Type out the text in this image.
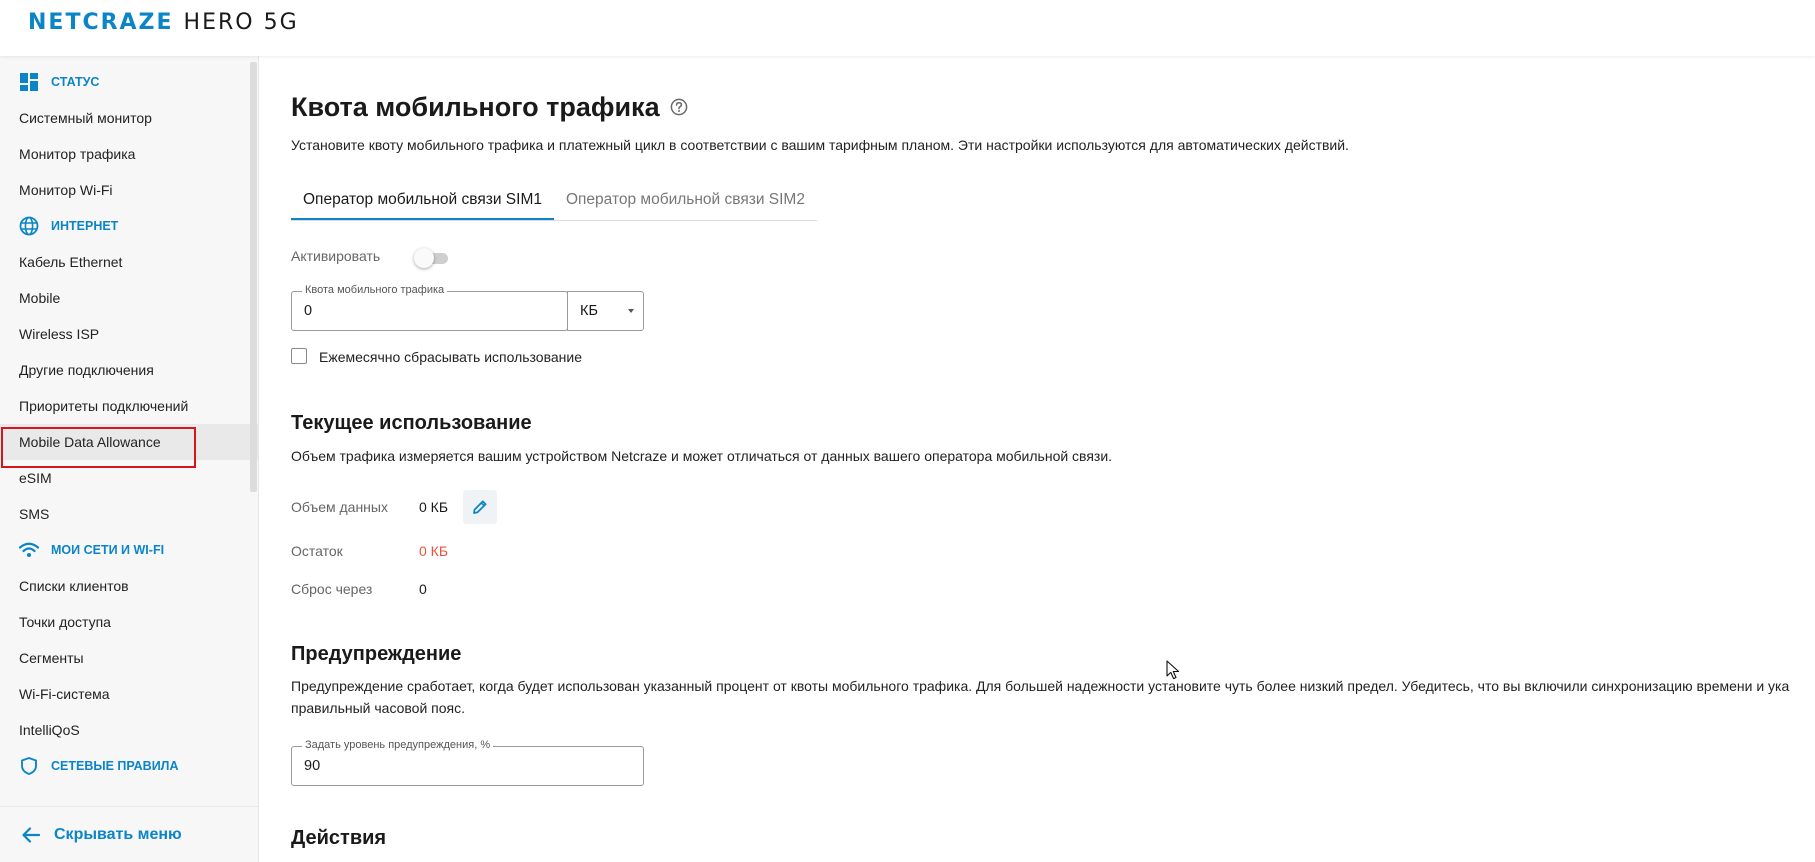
NETCRAZE HERO 5G
СТАТУС
Системный монитор
Монитор трафика
Монитор Wi-Fi
ИНТЕРНЕТ
Кабель Ethernet
Mobile
Wireless ISP
Другие подключения
Приоритеты подключений
Mobile Data Allowance
eSIM
SMS
МОИ СЕТИ И WI-FI
Списки клиентов
Точки доступа
Сегменты
Wi-Fi-система
IntelliQoS
СЕТЕВЫЕ ПРАВИЛА
Скрывать меню
Квота мобильного трафика
Установите квоту мобильного трафика и платежный цикл в соответствии с вашим тарифным планом. Эти настройки используются для автоматических действий.
Оператор мобильной связи SIM1	Оператор мобильной связи SIM2
Активировать
Квота мобильного трафика
0	КБ
Ежемесячно сбрасывать использование
Текущее использование
Объем трафика измеряется вашим устройством Netcraze и может отличаться от данных вашего оператора мобильной связи.
Объем данных 0 КБ
Остаток	0 КБ
Сброс через	0
Предупреждение
Предупреждение сработает, когда будет использован указанный процент от квоты мобильного трафика. Для большей надежности установите чуть более низкий предел. Убедитесь, что вы включили синхронизацию времени и ука
правильный часовой пояс.
Задать уровень предупреждения, %
90
Действия
